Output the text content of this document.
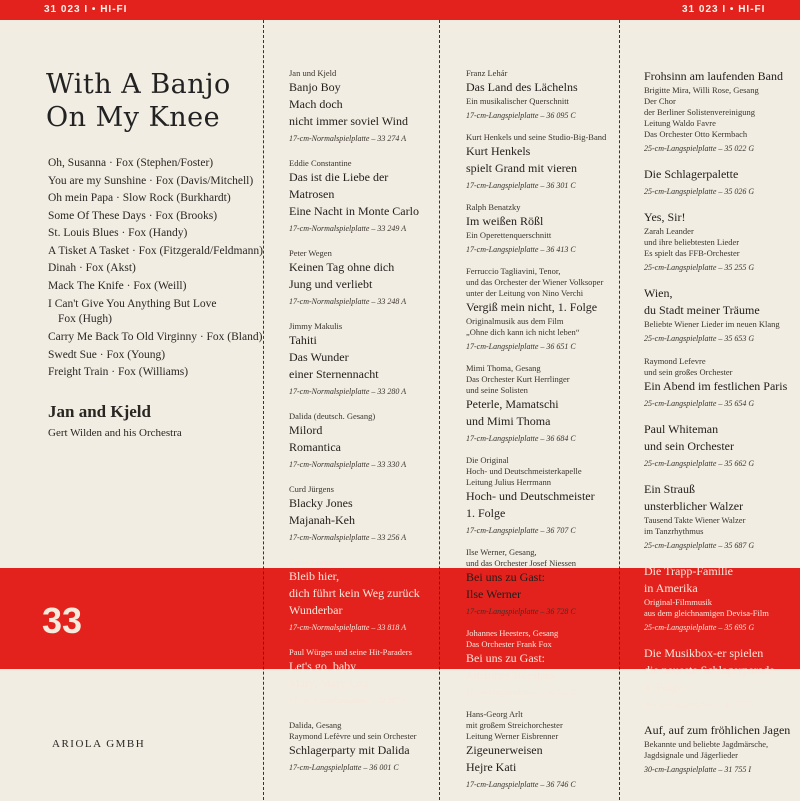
31 023 I • HI-FI	31 023 I • HI-FI
With A Banjo
On My Knee
Oh, Susanna · Fox (Stephen/Foster)
You are my Sunshine · Fox (Davis/Mitchell)
Oh mein Papa · Slow Rock (Burkhardt)
Some Of These Days · Fox (Brooks)
St. Louis Blues · Fox (Handy)
A Tisket A Tasket · Fox (Fitzgerald/Feldmann)
Dinah · Fox (Akst)
Mack The Knife · Fox (Weill)
I Can't Give You Anything But Love
Fox (Hugh)
Carry Me Back To Old Virginny · Fox (Bland)
Swedt Sue · Fox (Young)
Freight Train · Fox (Williams)
Jan and Kjeld
Gert Wilden and his Orchestra
33
ARIOLA GMBH
Jan und Kjeld
Banjo Boy
Mach doch
nicht immer soviel Wind
17-cm-Normalspielplatte – 33 274 A
Eddie Constantine
Das ist die Liebe der Matrosen
Eine Nacht in Monte Carlo
17-cm-Normalspielplatte – 33 249 A
Peter Wegen
Keinen Tag ohne dich
Jung und verliebt
17-cm-Normalspielplatte – 33 248 A
Jimmy Makulis
Tahiti
Das Wunder
einer Sternennacht
17-cm-Normalspielplatte – 33 280 A
Dalida (deutsch. Gesang)
Milord
Romantica
17-cm-Normalspielplatte – 33 330 A
Curd Jürgens
Blacky Jones
Majanah-Keh
17-cm-Normalspielplatte – 33 256 A
Zarah Leander
Bleib hier,
dich führt kein Weg zurück
Wunderbar
17-cm-Normalspielplatte – 33 818 A
Paul Würges und seine Hit-Paraders
Let's go, baby
Mary, Mary Lou
17-cm-Normalspielplatte – 33 287 A
Dalida, Gesang
Raymond Lefèvre und sein Orchester
Schlagerparty mit Dalida
17-cm-Langspielplatte – 36 001 C
Franz Lehár
Das Land des Lächelns
Ein musikalischer Querschnitt
17-cm-Langspielplatte – 36 095 C
Kurt Henkels und seine Studio-Big-Band
Kurt Henkels
spielt Grand mit vieren
17-cm-Langspielplatte – 36 301 C
Ralph Benatzky
Im weißen Rößl
Ein Operettenquerschnitt
17-cm-Langspielplatte – 36 413 C
Ferruccio Tagliavini, Tenor,
und das Orchester der Wiener Volksoper
unter der Leitung von Nino Verchi
Vergiß mein nicht, 1. Folge
Originalmusik aus dem Film
„Ohne dich kann ich nicht leben“
17-cm-Langspielplatte – 36 651 C
Mimi Thoma, Gesang
Das Orchester Kurt Herrlinger
und seine Solisten
Peterle, Mamatschi
und Mimi Thoma
17-cm-Langspielplatte – 36 684 C
Die Original
Hoch- und Deutschmeisterkapelle
Leitung Julius Herrmann
Hoch- und Deutschmeister
1. Folge
17-cm-Langspielplatte – 36 707 C
Ilse Werner, Gesang,
und das Orchester Josef Niessen
Bei uns zu Gast:
Ilse Werner
17-cm-Langspielplatte – 36 728 C
Johannes Heesters, Gesang
Das Orchester Frank Fox
Bei uns zu Gast:
Johannes Heesters
17-cm-Langspielplatte – 36 743 C
Hans-Georg Arlt
mit großem Streichorchester
Leitung Werner Eisbrenner
Zigeunerweisen
Hejre Kati
17-cm-Langspielplatte – 36 746 C
Frohsinn am laufenden Band
Brigitte Mira, Willi Rose, Gesang
Der Chor
der Berliner Solistenvereinigung
Leitung Waldo Favre
Das Orchester Otto Kermbach
25-cm-Langspielplatte – 35 022 G
Die Schlagerpalette
25-cm-Langspielplatte – 35 026 G
Yes, Sir!
Zarah Leander
und ihre beliebtesten Lieder
Es spielt das FFB-Orchester
25-cm-Langspielplatte – 35 255 G
Wien,
du Stadt meiner Träume
Beliebte Wiener Lieder im neuen Klang
25-cm-Langspielplatte – 35 653 G
Raymond Lefevre
und sein großes Orchester
Ein Abend im festlichen Paris
25-cm-Langspielplatte – 35 654 G
Paul Whiteman
und sein Orchester
25-cm-Langspielplatte – 35 662 G
Ein Strauß
unsterblicher Walzer
Tausend Takte Wiener Walzer
im Tanzrhythmus
25-cm-Langspielplatte – 35 687 G
Die Trapp-Familie
in Amerika
Original-Filmmusik
aus dem gleichnamigen Devisa-Film
25-cm-Langspielplatte – 35 695 G
Die Musikbox-er spielen
die neueste Schlagerparade
4. Folge
25-cm-Langspielplatte – 35 717 G
Auf, auf zum fröhlichen Jagen
Bekannte und beliebte Jagdmärsche,
Jagdsignale und Jägerlieder
30-cm-Langspielplatte – 31 755 I
